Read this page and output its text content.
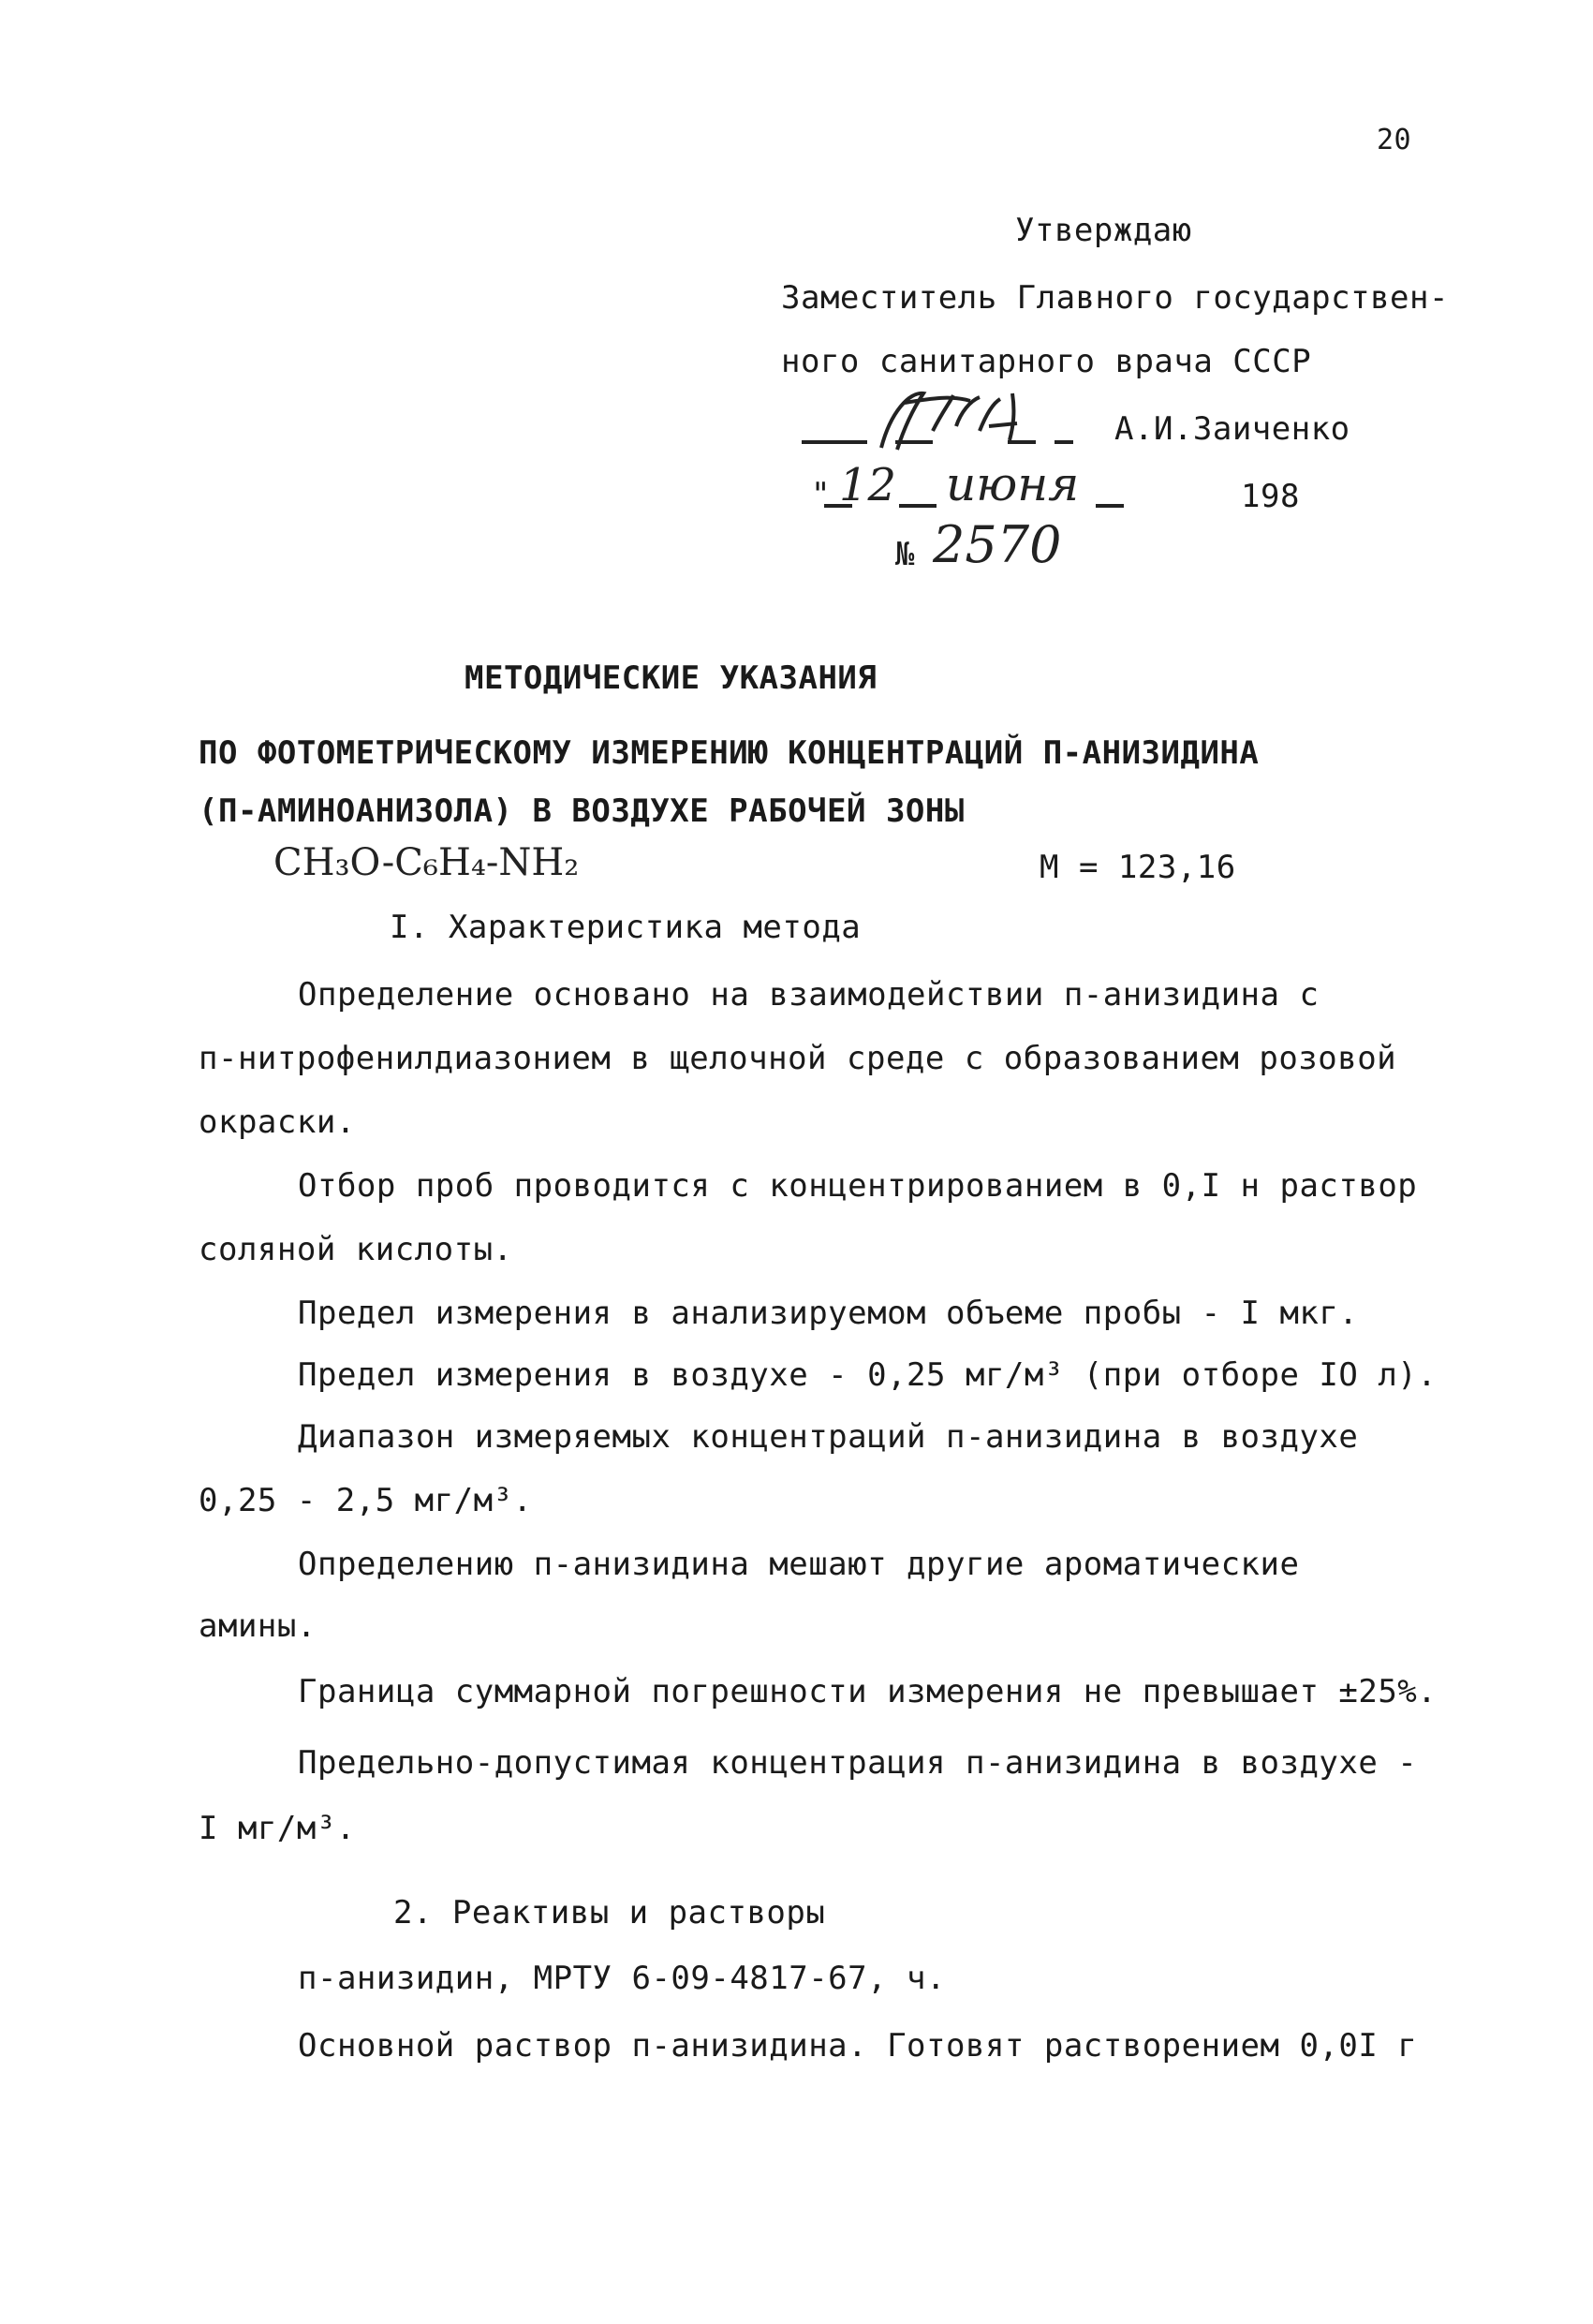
20
Утверждаю
Заместитель Главного государствен-
ного санитарного врача СССР
А.И.Заиченко
" 12 июня	198
№ 2570
МЕТОДИЧЕСКИЕ УКАЗАНИЯ
ПО ФОТОМЕТРИЧЕСКОМУ ИЗМЕРЕНИЮ КОНЦЕНТРАЦИЙ П-АНИЗИДИНА
(П-АМИНОАНИЗОЛА) В ВОЗДУХЕ РАБОЧЕЙ ЗОНЫ
CH₃O-C₆H₄-NH₂	М = 123,16
I. Характеристика метода
Определение основано на взаимодействии п-анизидина с
п-нитрофенилдиазонием в щелочной среде с образованием розовой
окраски.
Отбор проб проводится с концентрированием в 0,I н раствор
соляной кислоты.
Предел измерения в анализируемом объеме пробы - I мкг.
Предел измерения в воздухе - 0,25 мг/м³ (при отборе IO л).
Диапазон измеряемых концентраций п-анизидина в воздухе
0,25 - 2,5 мг/м³.
Определению п-анизидина мешают другие ароматические
амины.
Граница суммарной погрешности измерения не превышает ±25%.
Предельно-допустимая концентрация п-анизидина в воздухе -
I мг/м³.
2. Реактивы и растворы
п-анизидин, МРТУ 6-09-4817-67, ч.
Основной раствор п-анизидина. Готовят растворением 0,0I г
